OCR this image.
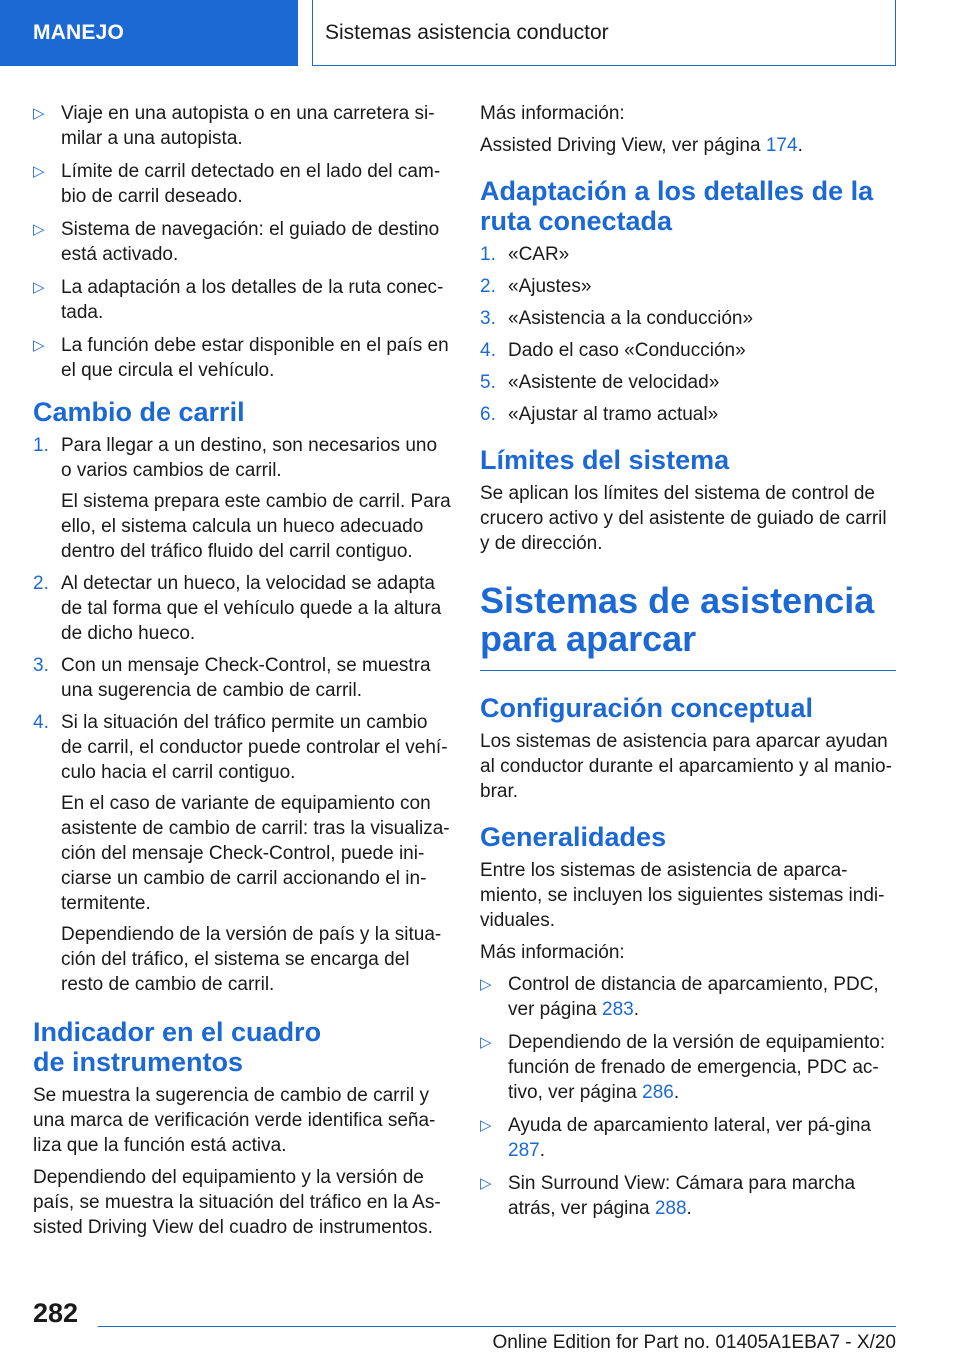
MANEJO	Sistemas asistencia conductor
▷ Viaje en una autopista o en una carretera si-
milar a una autopista.
▷ Límite de carril detectado en el lado del cam-
bio de carril deseado.
▷ Sistema de navegación: el guiado de destino
está activado.
▷ La adaptación a los detalles de la ruta conec-
tada.
▷ La función debe estar disponible en el país en
el que circula el vehículo.
Cambio de carril
1. Para llegar a un destino, son necesarios uno o varios cambios de carril.

El sistema prepara este cambio de carril. Para ello, el sistema calcula un hueco adecuado dentro del tráfico fluido del carril contiguo.

2. Al detectar un hueco, la velocidad se adapta de tal forma que el vehículo quede a la altura de dicho hueco.

3. Con un mensaje Check-Control, se muestra una sugerencia de cambio de carril.

4. Si la situación del tráfico permite un cambio de carril, el conductor puede controlar el vehí-culo hacia el carril contiguo.

En el caso de variante de equipamiento con asistente de cambio de carril: tras la visualiza-ción del mensaje Check-Control, puede ini-ciarse un cambio de carril accionando el in-termitente.

Dependiendo de la versión de país y la situa-ción del tráfico, el sistema se encarga del resto de cambio de carril.

Indicador en el cuadro
de instrumentos

Se muestra la sugerencia de cambio de carril y una marca de verificación verde identifica seña-liza que la función está activa.

Dependiendo del equipamiento y la versión de país, se muestra la situación del tráfico en la As-sisted Driving View del cuadro de instrumentos.

Más información:

Assisted Driving View, ver página 174.

Adaptación a los detalles de la ruta conectada
1. «CAR»
2. «Ajustes»
3. «Asistencia a la conducción»
4. Dado el caso «Conducción»
5. «Asistente de velocidad»
6. «Ajustar al tramo actual»
Límites del sistema

Se aplican los límites del sistema de control de crucero activo y del asistente de guiado de carril y de dirección.

Sistemas de asistencia
para aparcar
Configuración conceptual

Los sistemas de asistencia para aparcar ayudan al conductor durante el aparcamiento y al manio-brar.

Generalidades

Entre los sistemas de asistencia de aparca-miento, se incluyen los siguientes sistemas indi-viduales.

Más información:

▷ Control de distancia de aparcamiento, PDC, ver página 283.
▷ Dependiendo de la versión de equipamiento: función de frenado de emergencia, PDC ac-tivo, ver página 286.
▷ Ayuda de aparcamiento lateral, ver pá-gina 287.
▷ Sin Surround View: Cámara para marcha atrás, ver página 288.
282
Online Edition for Part no. 01405A1EBA7 - X/20
